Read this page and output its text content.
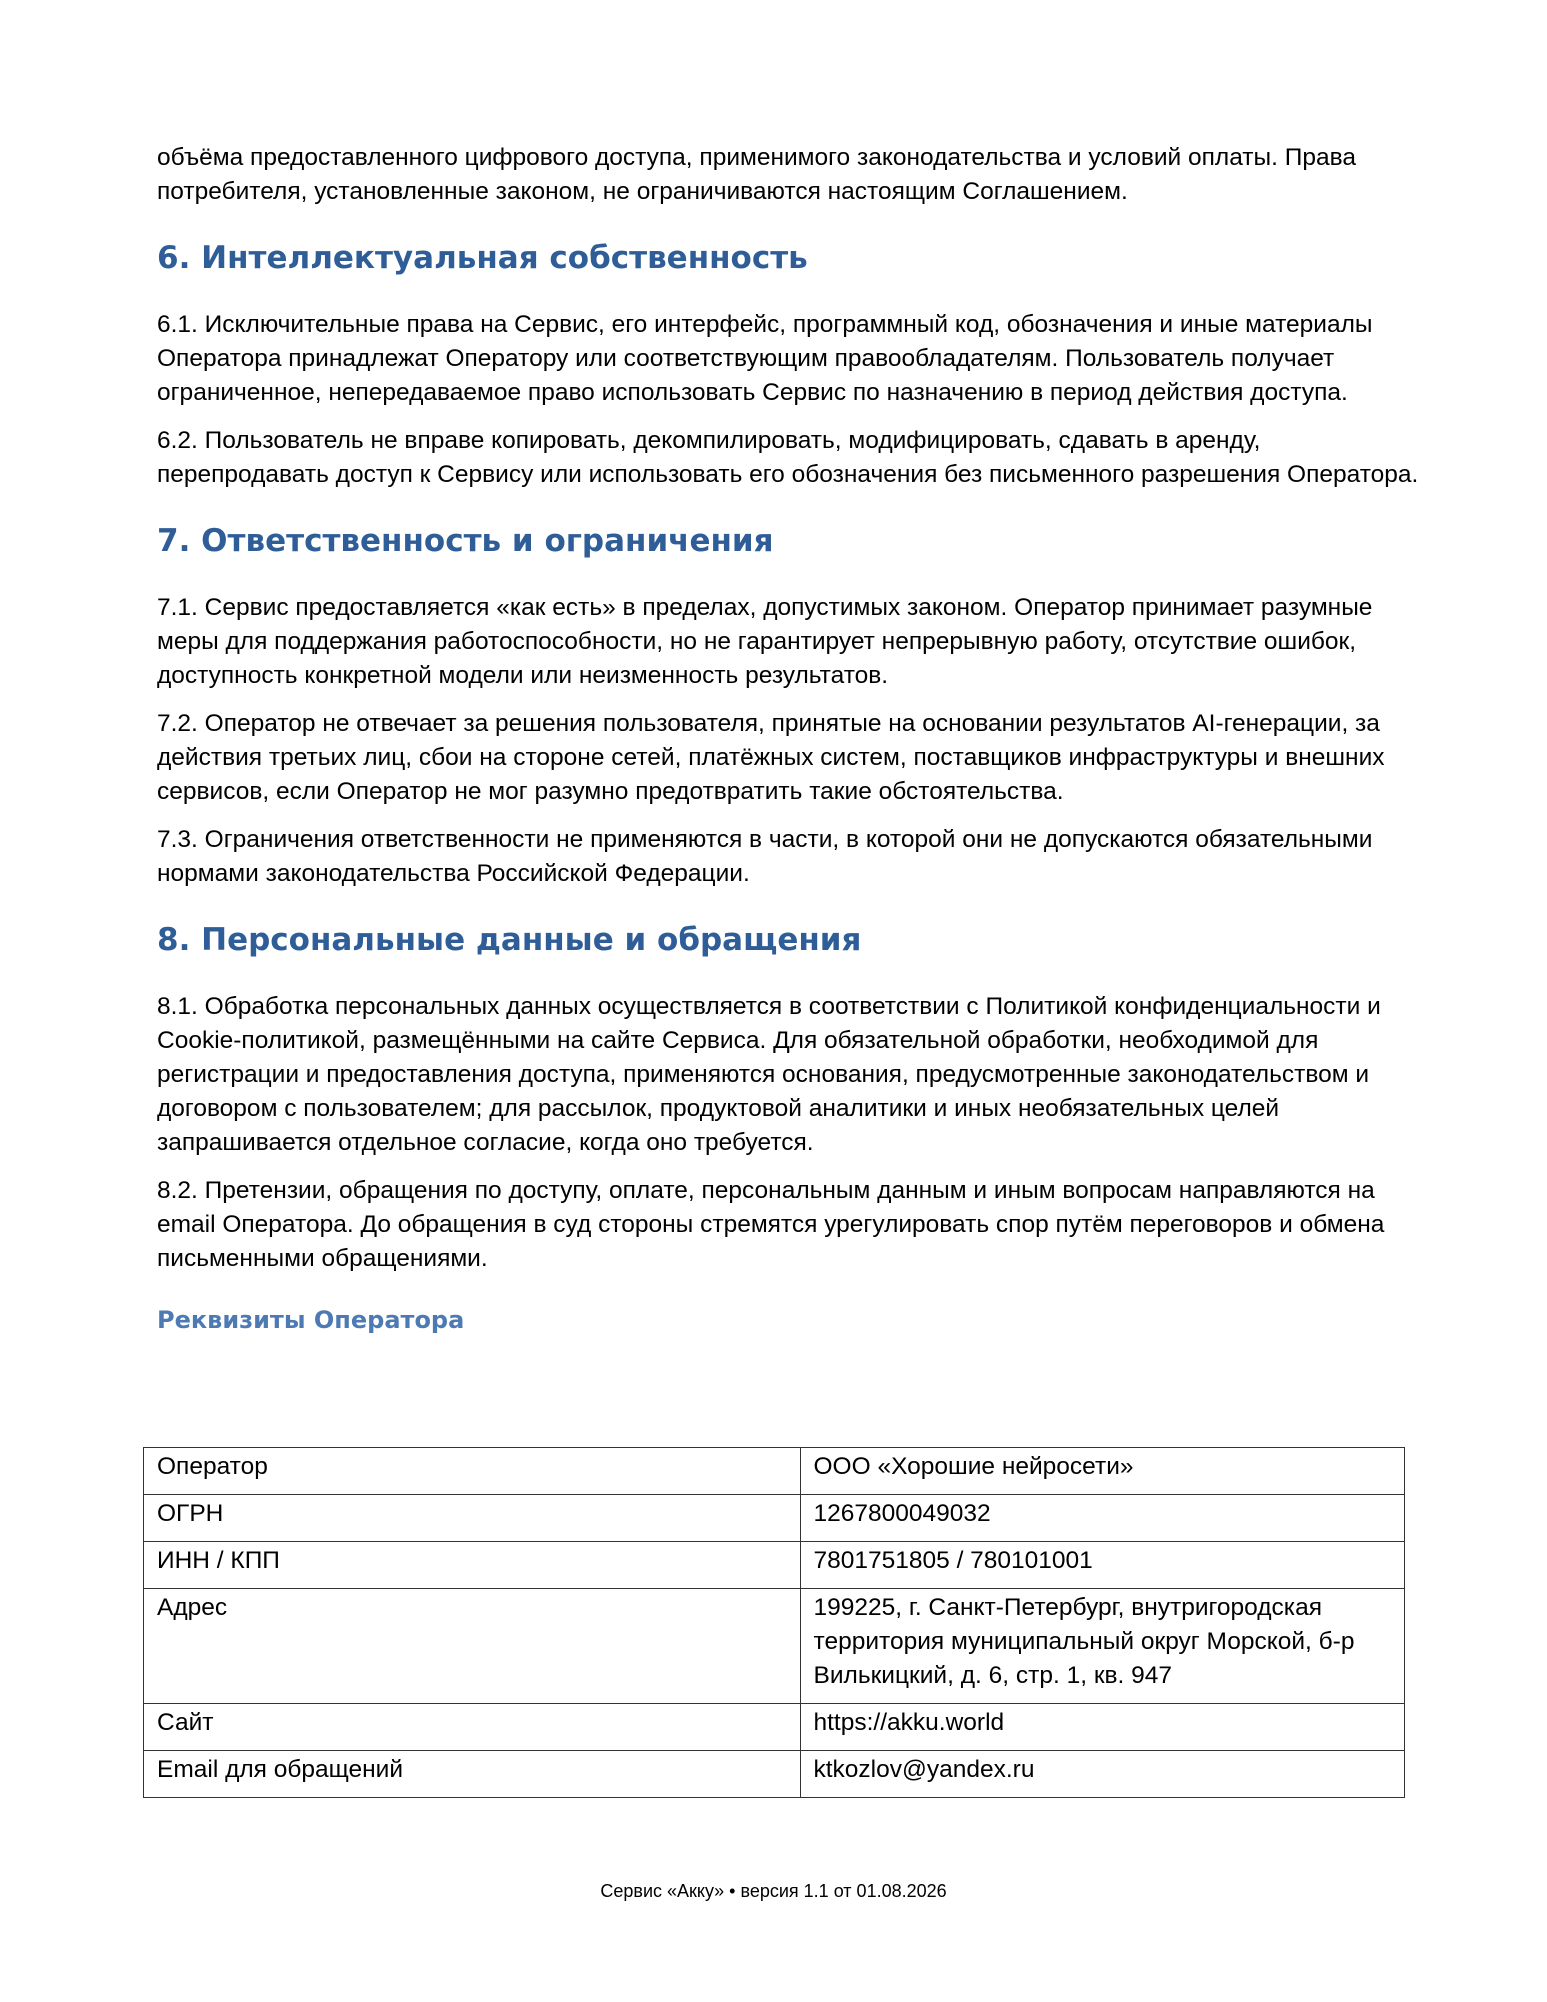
объёма предоставленного цифрового доступа, применимого законодательства и условий оплаты. Права потребителя, установленные законом, не ограничиваются настоящим Соглашением.

6. Интеллектуальная собственность

6.1. Исключительные права на Сервис, его интерфейс, программный код, обозначения и иные материалы Оператора принадлежат Оператору или соответствующим правообладателям. Пользователь получает ограниченное, непередаваемое право использовать Сервис по назначению в период действия доступа.

6.2. Пользователь не вправе копировать, декомпилировать, модифицировать, сдавать в аренду, перепродавать доступ к Сервису или использовать его обозначения без письменного разрешения Оператора.

7. Ответственность и ограничения

7.1. Сервис предоставляется «как есть» в пределах, допустимых законом. Оператор принимает разумные меры для поддержания работоспособности, но не гарантирует непрерывную работу, отсутствие ошибок, доступность конкретной модели или неизменность результатов.

7.2. Оператор не отвечает за решения пользователя, принятые на основании результатов AI-генерации, за действия третьих лиц, сбои на стороне сетей, платёжных систем, поставщиков инфраструктуры и внешних сервисов, если Оператор не мог разумно предотвратить такие обстоятельства.

7.3. Ограничения ответственности не применяются в части, в которой они не допускаются обязательными нормами законодательства Российской Федерации.

8. Персональные данные и обращения

8.1. Обработка персональных данных осуществляется в соответствии с Политикой конфиденциальности и Cookie-политикой, размещёнными на сайте Сервиса. Для обязательной обработки, необходимой для регистрации и предоставления доступа, применяются основания, предусмотренные законодательством и договором с пользователем; для рассылок, продуктовой аналитики и иных необязательных целей запрашивается отдельное согласие, когда оно требуется.

8.2. Претензии, обращения по доступу, оплате, персональным данным и иным вопросам направляются на email Оператора. До обращения в суд стороны стремятся урегулировать спор путём переговоров и обмена письменными обращениями.

Реквизиты Оператора
Оператор	ООО «Хорошие нейросети»
ОГРН	1267800049032
ИНН / КПП	7801751805 / 780101001
Адрес	199225, г. Санкт-Петербург, внутригородская территория муниципальный округ Морской, б-р Вилькицкий, д. 6, стр. 1, кв. 947
Сайт	https://akku.world
Email для обращений	ktkozlov@yandex.ru
Сервис «Акку» • версия 1.1 от 01.08.2026
